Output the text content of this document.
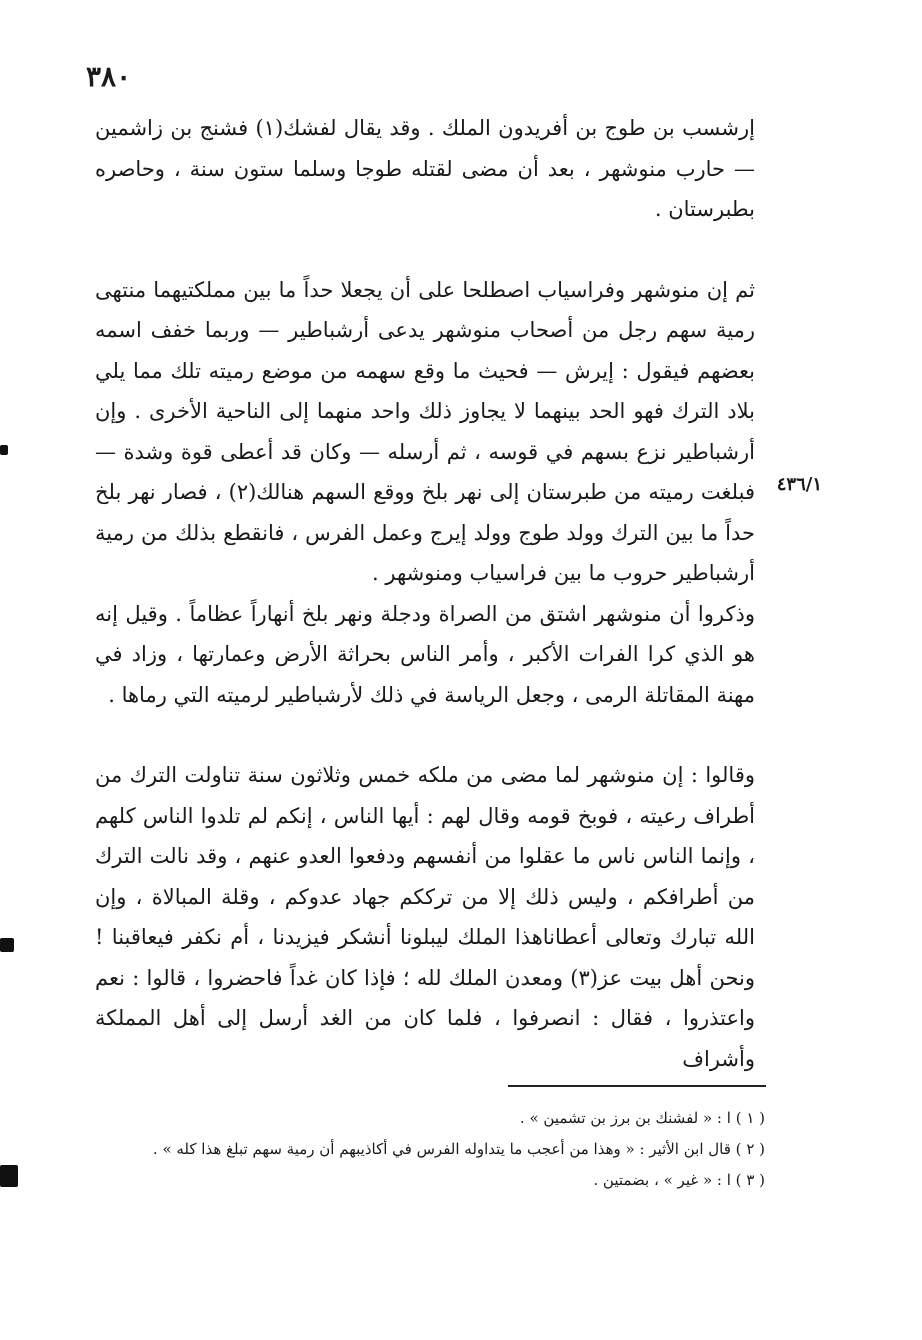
٣٨٠
٤٣٦/١

إرشسب بن طوج بن أفريدون الملك . وقد يقال لفشك(١) فشنج بن زاشمين — حارب منوشهر ، بعد أن مضى لقتله طوجا وسلما ستون سنة ، وحاصره بطبرستان .

ثم إن منوشهر وفراسياب اصطلحا على أن يجعلا حداً ما بين مملكتيهما منتهى رمية سهم رجل من أصحاب منوشهر يدعى أرشباطير — وربما خفف اسمه بعضهم فيقول : إيرش — فحيث ما وقع سهمه من موضع رميته تلك مما يلي بلاد الترك فهو الحد بينهما لا يجاوز ذلك واحد منهما إلى الناحية الأخرى . وإن أرشباطير نزع بسهم في قوسه ، ثم أرسله — وكان قد أعطى قوة وشدة — فبلغت رميته من طبرستان إلى نهر بلخ ووقع السهم هنالك(٢) ، فصار نهر بلخ حداً ما بين الترك وولد طوج وولد إيرج وعمل الفرس ، فانقطع بذلك من رمية أرشباطير حروب ما بين فراسياب ومنوشهر .

وذكروا أن منوشهر اشتق من الصراة ودجلة ونهر بلخ أنهاراً عظاماً . وقيل إنه هو الذي كرا الفرات الأكبر ، وأمر الناس بحراثة الأرض وعمارتها ، وزاد في مهنة المقاتلة الرمى ، وجعل الرياسة في ذلك لأرشباطير لرميته التي رماها .

وقالوا : إن منوشهر لما مضى من ملكه خمس وثلاثون سنة تناولت الترك من أطراف رعيته ، فوبخ قومه وقال لهم : أيها الناس ، إنكم لم تلدوا الناس كلهم ، وإنما الناس ناس ما عقلوا من أنفسهم ودفعوا العدو عنهم ، وقد نالت الترك من أطرافكم ، وليس ذلك إلا من ترككم جهاد عدوكم ، وقلة المبالاة ، وإن الله تبارك وتعالى أعطاناهذا الملك ليبلونا أنشكر فيزيدنا ، أم نكفر فيعاقبنا ! ونحن أهل بيت عز(٣) ومعدن الملك لله ؛ فإذا كان غداً فاحضروا ، قالوا : نعم واعتذروا ، فقال : انصرفوا ، فلما كان من الغد أرسل إلى أهل المملكة وأشراف

( ١ ) ا : « لفشنك بن برز بن تشمين » .

( ٢ ) قال ابن الأثير : « وهذا من أعجب ما يتداوله الفرس في أكاذيبهم أن رمية سهم تبلغ هذا كله » .

( ٣ ) ا : « غير » ، بضمتين .
